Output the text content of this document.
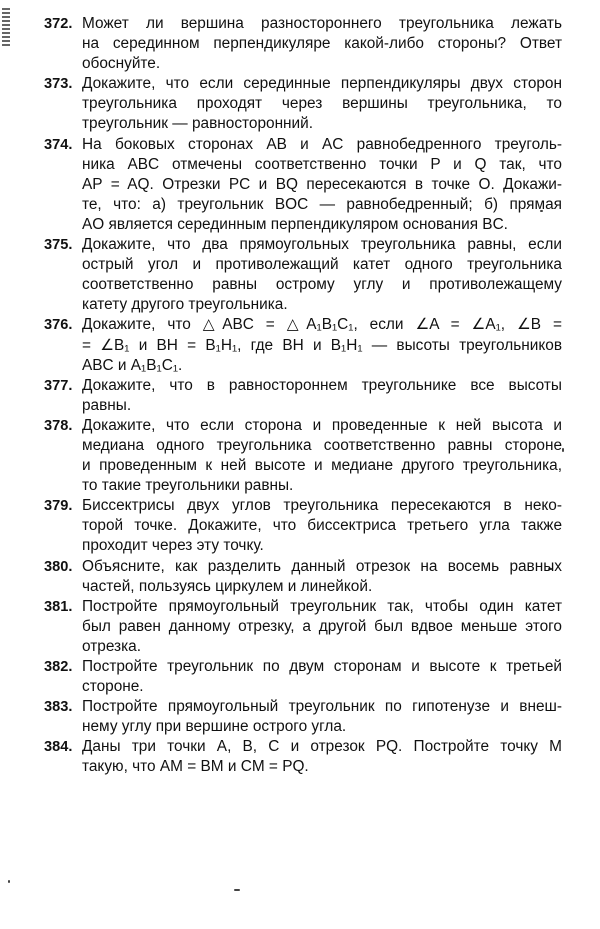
372. Может ли вершина разностороннего треугольника лежать
на серединном перпендикуляре какой-либо стороны? Ответ
обоснуйте.
373. Докажите, что если серединные перпендикуляры двух сторон
треугольника проходят через вершины треугольника, то
треугольник — равносторонний.
374. На боковых сторонах AB и AC равнобедренного треуголь-
ника ABC отмечены соответственно точки P и Q так, что
AP = AQ. Отрезки PC и BQ пересекаются в точке O. Докажи-
те, что: а) треугольник BOC — равнобедренный; б) прямая
AO является серединным перпендикуляром основания BC.
375. Докажите, что два прямоугольных треугольника равны, если
острый угол и противолежащий катет одного треугольника
соответственно равны острому углу и противолежащему
катету другого треугольника.
376. Докажите, что △ABC = △A₁B₁C₁, если ∠A = ∠A₁, ∠B =
= ∠B₁ и BH = B₁H₁, где BH и B₁H₁ — высоты треугольников
ABC и A₁B₁C₁.
377. Докажите, что в равностороннем треугольнике все высоты
равны.
378. Докажите, что если сторона и проведенные к ней высота и
медиана одного треугольника соответственно равны стороне
и проведенным к ней высоте и медиане другого треугольника,
то такие треугольники равны.
379. Биссектрисы двух углов треугольника пересекаются в неко-
торой точке. Докажите, что биссектриса третьего угла также
проходит через эту точку.
380. Объясните, как разделить данный отрезок на восемь равных
частей, пользуясь циркулем и линейкой.
381. Постройте прямоугольный треугольник так, чтобы один катет
был равен данному отрезку, а другой был вдвое меньше этого
отрезка.
382. Постройте треугольник по двум сторонам и высоте к третьей
стороне.
383. Постройте прямоугольный треугольник по гипотенузе и внеш-
нему углу при вершине острого угла.
384. Даны три точки A, B, C и отрезок PQ. Постройте точку M
такую, что AM = BM и CM = PQ.
